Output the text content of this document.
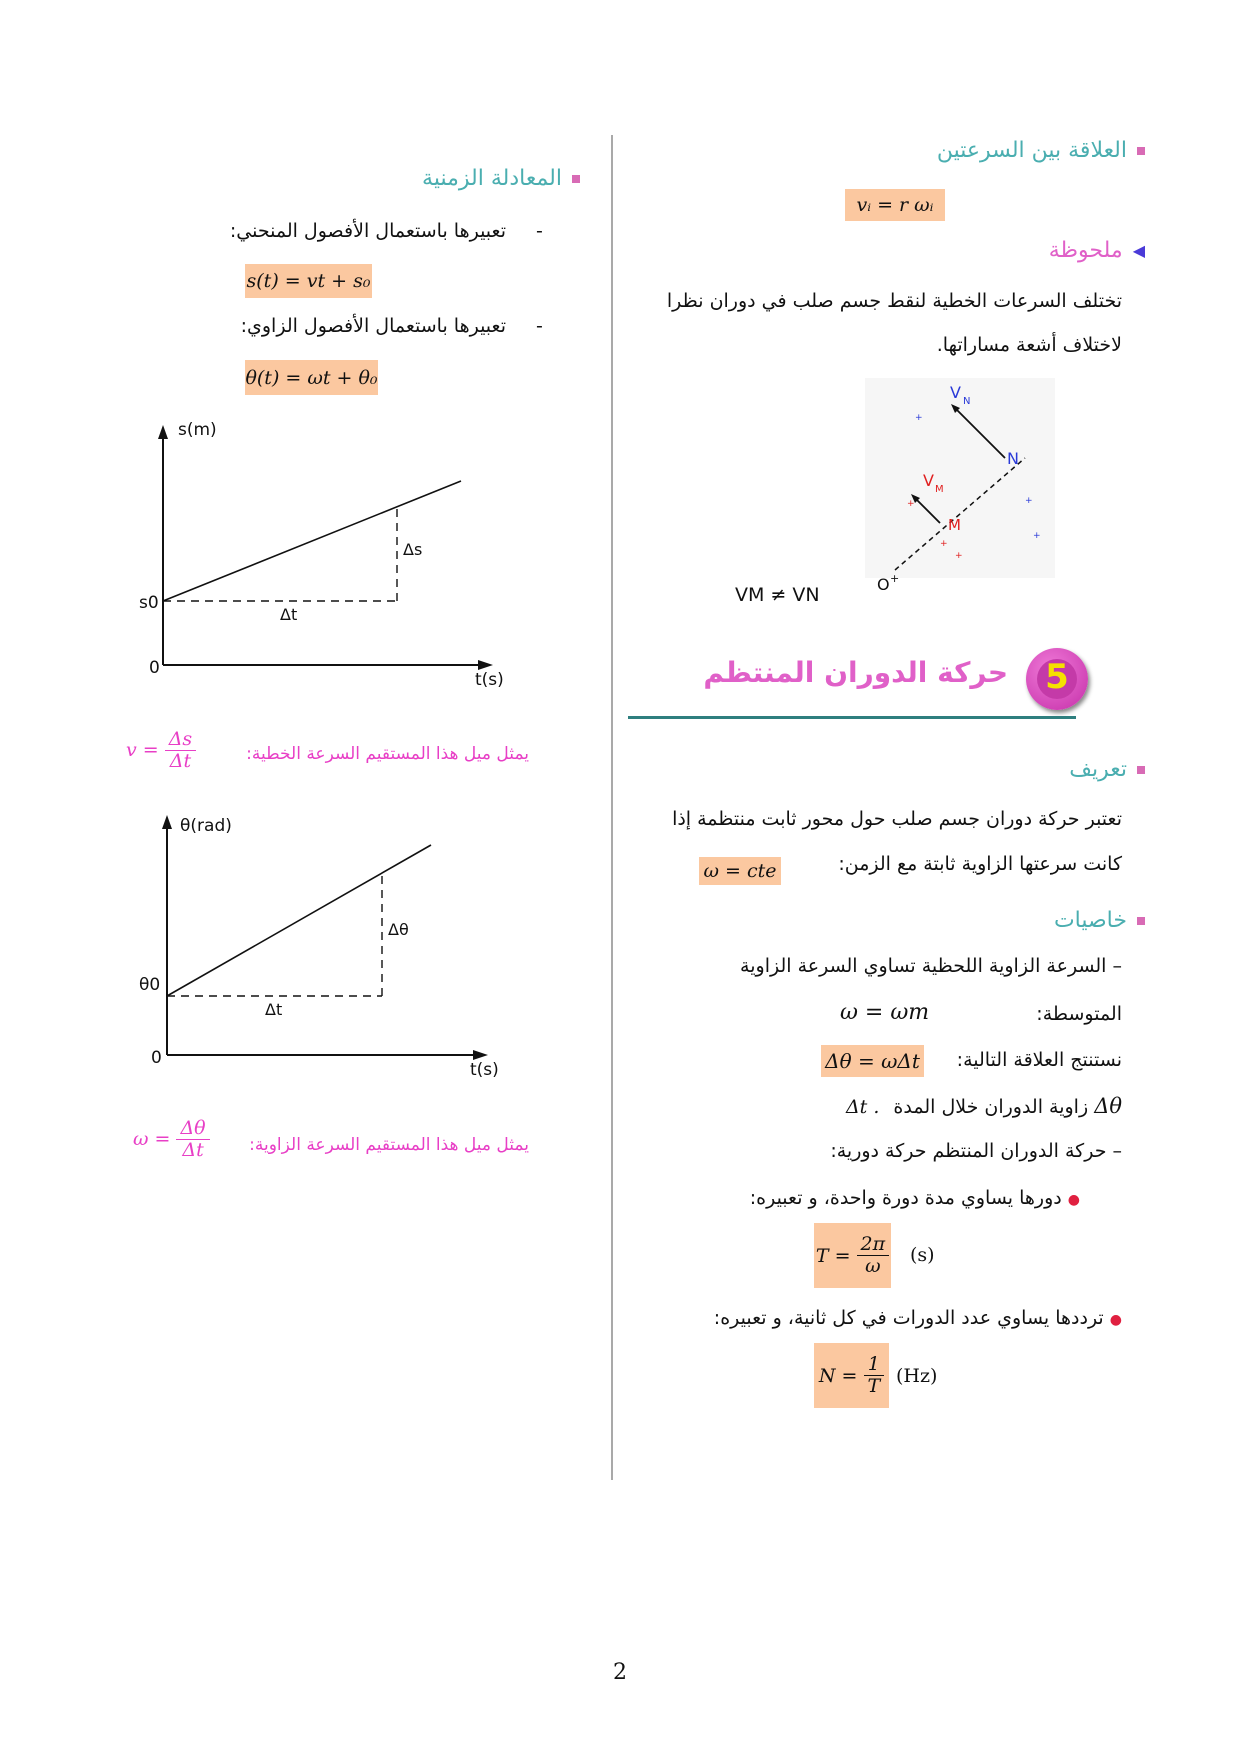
العلاقة بين السرعتين
vᵢ = r ωᵢ
◀
ملحوظة
تختلف السرعات الخطية لنقط جسم صلب في دوران نظرا
لاختلاف أشعة مساراتها.
V N
V M
N
M
O +
+
+
+
+
+
+
VM ≠ VN
5
حركة الدوران المنتظم
تعريف
تعتبر حركة دوران جسم صلب حول محور ثابت منتظمة إذا
كانت سرعتها الزاوية ثابتة مع الزمن:
ω = cte
خاصيات
– السرعة الزاوية اللحظية تساوي السرعة الزاوية
المتوسطة:
ω = ωm
نستنتج العلاقة التالية:
Δθ = ωΔt
Δθ زاوية الدوران خلال المدة Δt .
– حركة الدوران المنتظم حركة دورية:
● دورها يساوي مدة دورة واحدة، و تعبيره:
$T = \frac{2\pi}{\omega} (s)$
● ترددها يساوي عدد الدورات في كل ثانية، و تعبيره:
$N = \frac{1}{T} (Hz)$
المعادلة الزمنية
تعبيرها باستعمال الأفصول المنحني: -
s(t) = vt + s₀
تعبيرها باستعمال الأفصول الزاوي: -
θ(t) = ωt + θ₀
s(m)
t(s)
0
s0
Δt
Δs
يمثل ميل هذا المستقيم السرعة الخطية:
$v = \frac{\Delta s}{\Delta t}$
θ(rad)
t(s)
0
θ0
Δt
Δθ
يمثل ميل هذا المستقيم السرعة الزاوية:
$\omega = \frac{\Delta\theta}{\Delta t}$
2
